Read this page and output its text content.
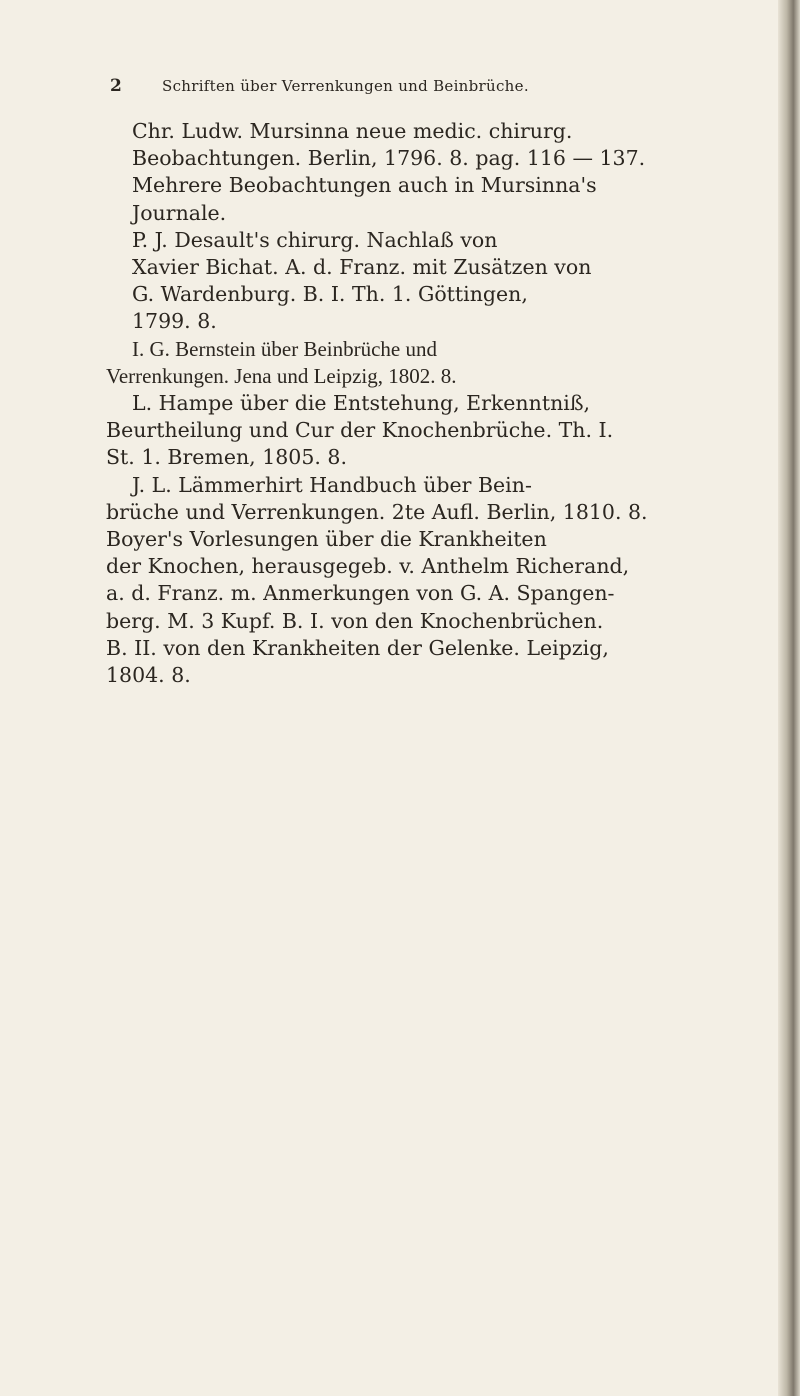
2	Schriften über Verrenkungen und Beinbrüche.

Chr. Ludw. Mursinna neue medic. chirurg.
Beobachtungen. Berlin, 1796. 8. pag. 116 — 137.
Mehrere Beobachtungen auch in Mursinna's
Journale.

P. J. Desault's chirurg. Nachlaß von
Xavier Bichat. A. d. Franz. mit Zusätzen von
G. Wardenburg. B. I. Th. 1. Göttingen,
1799. 8.

I. G. Bernstein über Beinbrüche und
Verrenkungen. Jena und Leipzig, 1802. 8.

L. Hampe über die Entstehung, Erkenntniß,
Beurtheilung und Cur der Knochenbrüche. Th. I.
St. 1. Bremen, 1805. 8.

J. L. Lämmerhirt Handbuch über Bein-
brüche und Verrenkungen. 2te Aufl. Berlin, 1810. 8.
Boyer's Vorlesungen über die Krankheiten
der Knochen, herausgegeb. v. Anthelm Richerand,
a. d. Franz. m. Anmerkungen von G. A. Spangen-
berg. M. 3 Kupf. B. I. von den Knochenbrüchen.
B. II. von den Krankheiten der Gelenke. Leipzig,
1804. 8.
